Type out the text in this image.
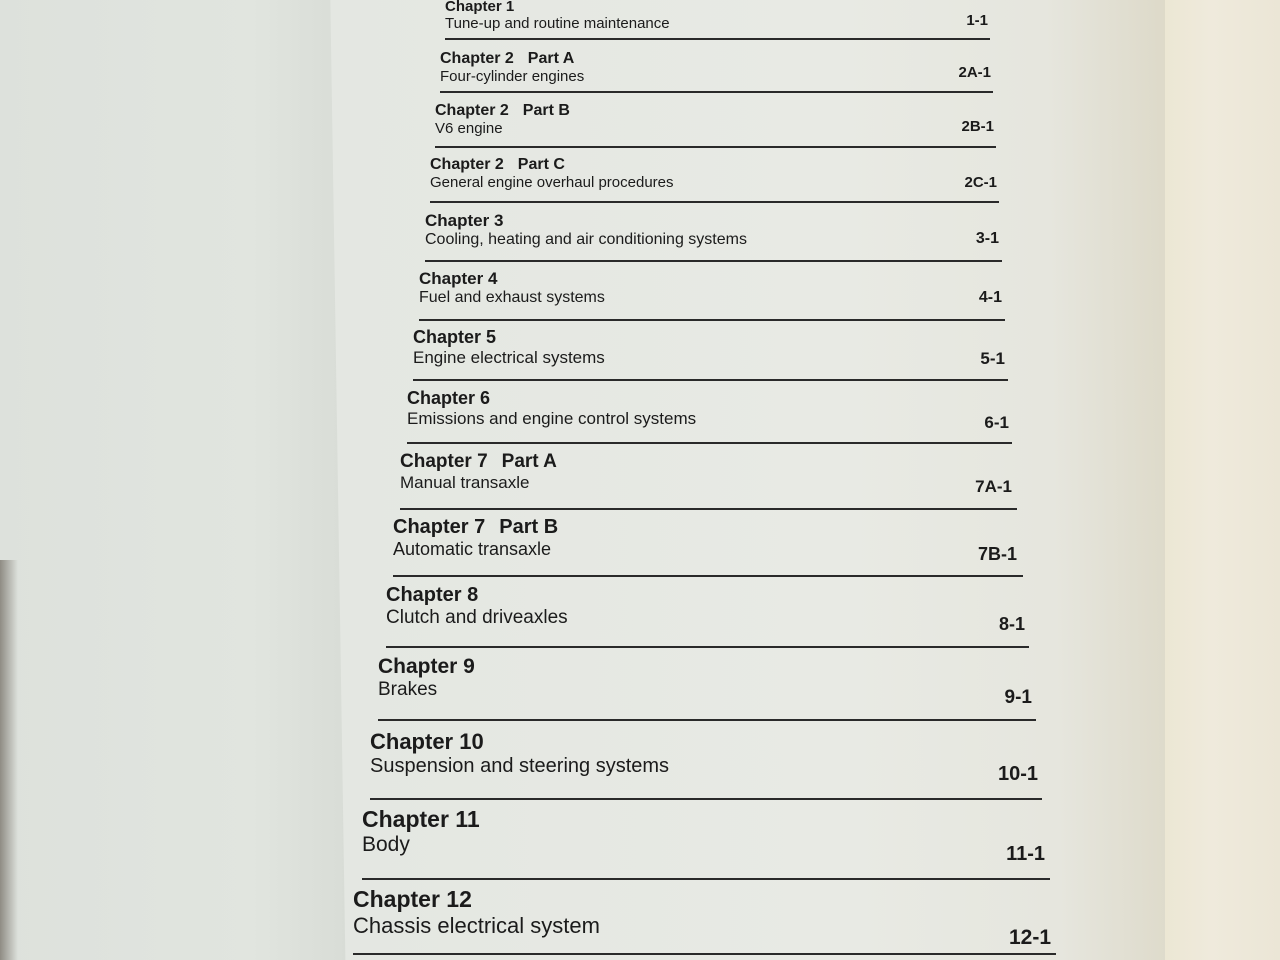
Chapter 1
Tune-up and routine maintenance	1-1
Chapter 2 Part A
Four-cylinder engines	2A-1
Chapter 2 Part B
V6 engine	2B-1
Chapter 2 Part C
General engine overhaul procedures	2C-1
Chapter 3
Cooling, heating and air conditioning systems	3-1
Chapter 4
Fuel and exhaust systems	4-1
Chapter 5
Engine electrical systems	5-1
Chapter 6
Emissions and engine control systems	6-1
Chapter 7 Part A
Manual transaxle	7A-1
Chapter 7 Part B
Automatic transaxle	7B-1
Chapter 8
Clutch and driveaxles	8-1
Chapter 9
Brakes	9-1
Chapter 10
Suspension and steering systems	10-1
Chapter 11
Body	11-1
Chapter 12
Chassis electrical system	12-1
